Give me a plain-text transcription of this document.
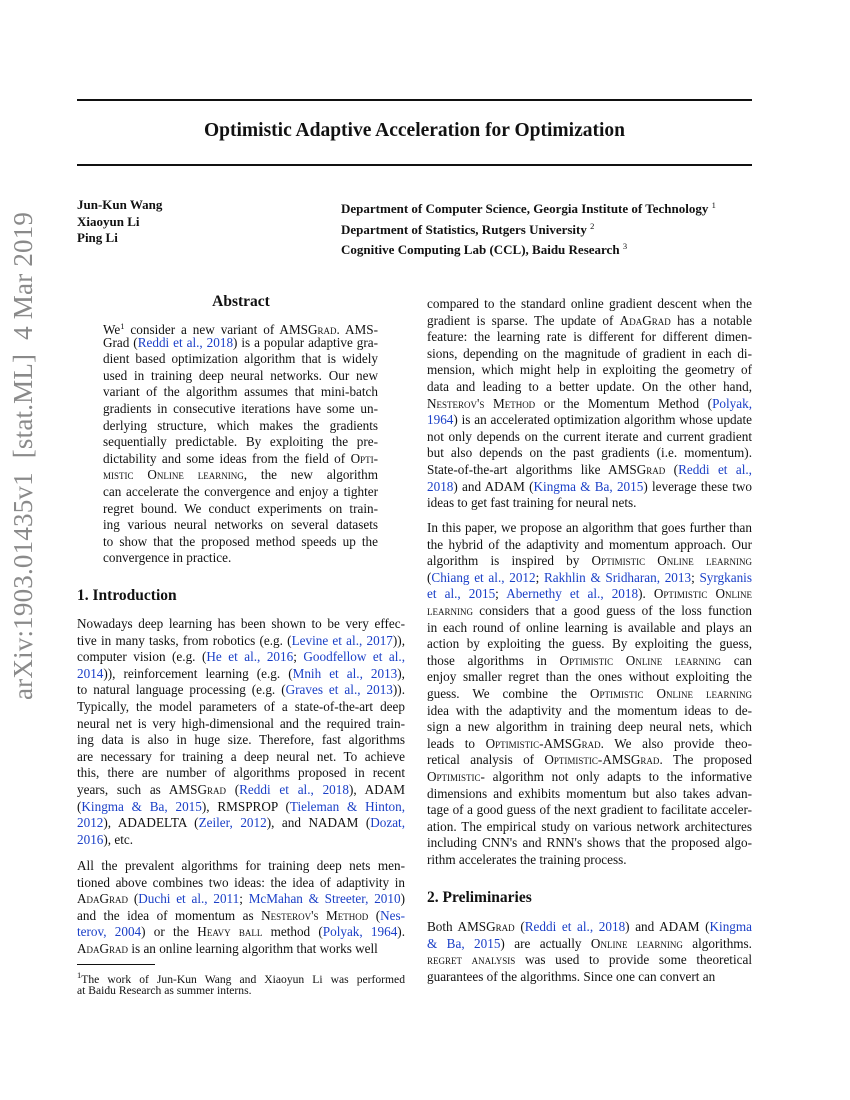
arXiv:1903.01435v1  [stat.ML]  4 Mar 2019
Optimistic Adaptive Acceleration for Optimization
Jun-Kun Wang
Xiaoyun Li
Ping Li
Department of Computer Science, Georgia Institute of Technology $^1$
Department of Statistics, Rutgers University $^2$
Cognitive Computing Lab (CCL), Baidu Research $^3$
Abstract
We$^1$ consider a new variant of AMSGrad. AMS-
Grad (Reddi et al., 2018) is a popular adaptive gra-
dient based optimization algorithm that is widely
used in training deep neural networks. Our new
variant of the algorithm assumes that mini-batch
gradients in consecutive iterations have some un-
derlying structure, which makes the gradients
sequentially predictable. By exploiting the pre-
dictability and some ideas from the field of Opti-
mistic Online learning, the new algorithm
can accelerate the convergence and enjoy a tighter
regret bound. We conduct experiments on train-
ing various neural networks on several datasets
to show that the proposed method speeds up the
convergence in practice.
1. Introduction
Nowadays deep learning has been shown to be very effec-
tive in many tasks, from robotics (e.g. (Levine et al., 2017)),
computer vision (e.g. (He et al., 2016; Goodfellow et al.,
2014)), reinforcement learning (e.g. (Mnih et al., 2013),
to natural language processing (e.g. (Graves et al., 2013)).
Typically, the model parameters of a state-of-the-art deep
neural net is very high-dimensional and the required train-
ing data is also in huge size. Therefore, fast algorithms
are necessary for training a deep neural net. To achieve
this, there are number of algorithms proposed in recent
years, such as AMSGrad (Reddi et al., 2018), ADAM
(Kingma & Ba, 2015), RMSPROP (Tieleman & Hinton,
2012), ADADELTA (Zeiler, 2012), and NADAM (Dozat,
2016), etc.
All the prevalent algorithms for training deep nets men-
tioned above combines two ideas: the idea of adaptivity in
AdaGrad (Duchi et al., 2011; McMahan & Streeter, 2010)
and the idea of momentum as Nesterov's Method (Nes-
terov, 2004) or the Heavy ball method (Polyak, 1964).
AdaGrad is an online learning algorithm that works well
$^1$The work of Jun-Kun Wang and Xiaoyun Li was performed
at Baidu Research as summer interns.
compared to the standard online gradient descent when the
gradient is sparse. The update of AdaGrad has a notable
feature: the learning rate is different for different dimen-
sions, depending on the magnitude of gradient in each di-
mension, which might help in exploiting the geometry of
data and leading to a better update. On the other hand,
Nesterov's Method or the Momentum Method (Polyak,
1964) is an accelerated optimization algorithm whose update
not only depends on the current iterate and current gradient
but also depends on the past gradients (i.e. momentum).
State-of-the-art algorithms like AMSGrad (Reddi et al.,
2018) and ADAM (Kingma & Ba, 2015) leverage these two
ideas to get fast training for neural nets.
In this paper, we propose an algorithm that goes further than
the hybrid of the adaptivity and momentum approach. Our
algorithm is inspired by Optimistic Online learning
(Chiang et al., 2012; Rakhlin & Sridharan, 2013; Syrgkanis
et al., 2015; Abernethy et al., 2018). Optimistic Online
learning considers that a good guess of the loss function
in each round of online learning is available and plays an
action by exploiting the guess. By exploiting the guess,
those algorithms in Optimistic Online learning can
enjoy smaller regret than the ones without exploiting the
guess. We combine the Optimistic Online learning
idea with the adaptivity and the momentum ideas to de-
sign a new algorithm in training deep neural nets, which
leads to Optimistic-AMSGrad. We also provide theo-
retical analysis of Optimistic-AMSGrad. The proposed
Optimistic- algorithm not only adapts to the informative
dimensions and exhibits momentum but also takes advan-
tage of a good guess of the next gradient to facilitate acceler-
ation. The empirical study on various network architectures
including CNN's and RNN's shows that the proposed algo-
rithm accelerates the training process.
2. Preliminaries
Both AMSGrad (Reddi et al., 2018) and ADAM (Kingma
& Ba, 2015) are actually Online learning algorithms.
regret analysis was used to provide some theoretical
guarantees of the algorithms. Since one can convert an
